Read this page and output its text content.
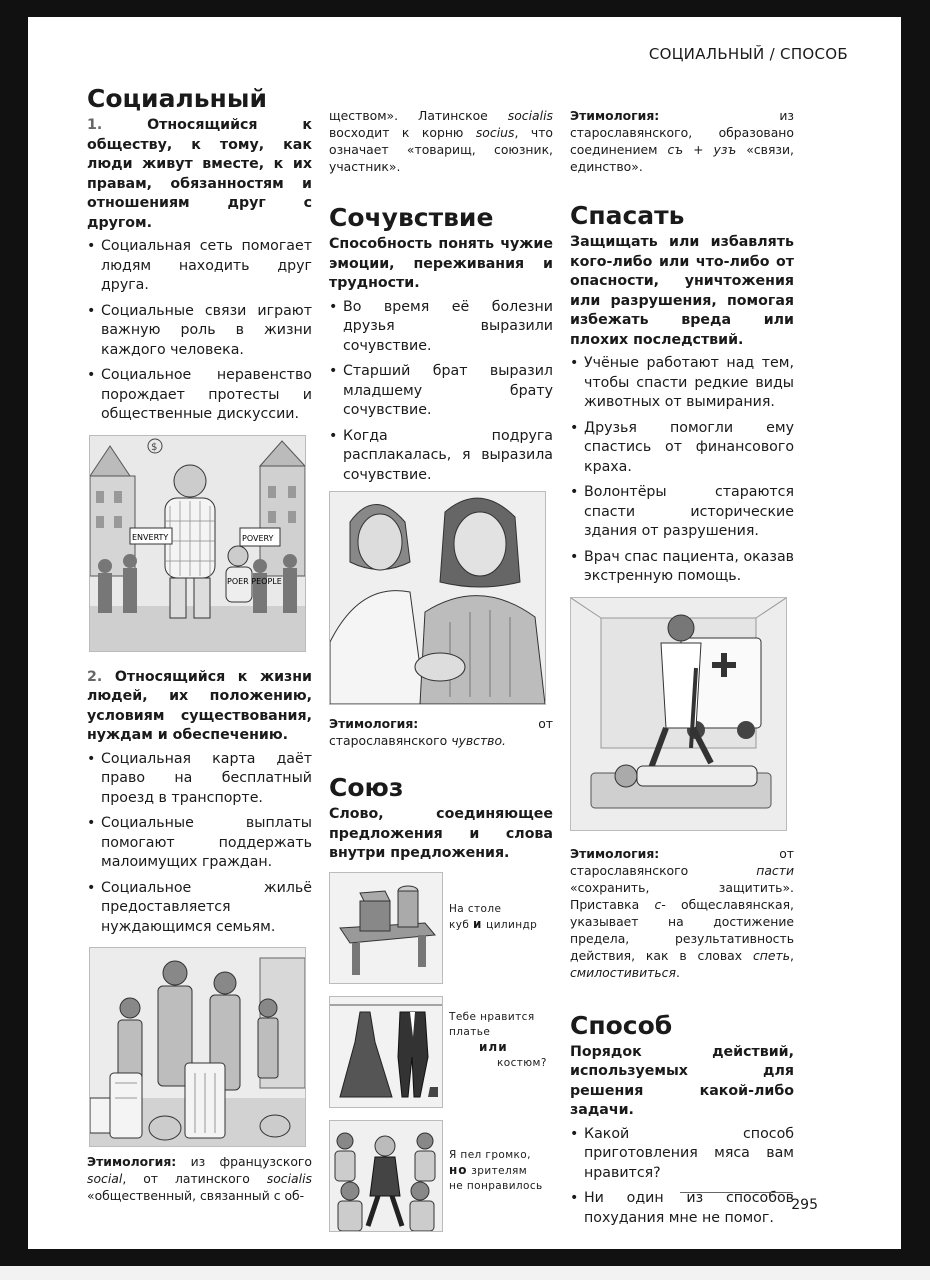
СОЦИАЛЬНЫЙ / СПОСОБ
Социальный
1.	Относящийся к обществу, к тому, как люди живут вместе, к их правам, обязанностям и отношениям друг с другом.
• Социальная сеть помогает людям находить друг друга.
• Социальные связи играют важную роль в жизни каждого человека.
• Социальное неравенство порождает протесты и общественные дискуссии.
$
POVERY
POER PEOPLE
ENVERTY
2. Относящийся к жизни людей, их положению, условиям существования, нуждам и обеспечению.
• Социальная карта даёт право на бесплатный проезд в транспорте.
• Социальные выплаты помогают поддержать малоимущих граждан.
• Социальное жильё предоставляется нуждающимся семьям.
Этимология: из французского social, от латинского socialis «общественный, связанный с об-
ществом». Латинское socialis восходит к корню socius, что означает «товарищ, союзник, участник».
Сочувствие
Способность понять чужие эмоции, переживания и трудности.
• Во время её болезни друзья выразили сочувствие.
• Старший брат выразил младшему брату сочувствие.
• Когда подруга расплакалась, я выразила сочувствие.
Этимология:	от старославянского чувство.
Союз
Слово, соединяющее предложения и слова внутри предложения.
На столе
куб и цилиндр
Тебе нравится
платье
или
костюм?
Я пел громко,
но зрителям
не понравилось
Этимология:	из старославянского, образовано соединением съ + узъ «связи, единство».
Спасать
Защищать или избавлять кого-либо или что-либо от опасности, уничтожения или разрушения, помогая избежать вреда или плохих последствий.
• Учёные работают над тем, чтобы спасти редкие виды животных от вымирания.
• Друзья помогли ему спастись от финансового краха.
• Волонтёры стараются спасти исторические здания от разрушения.
• Врач спас пациента, оказав экстренную помощь.
Этимология:	от старославянского	пасти «сохранить, защитить». Приставка с- общеславянская, указывает на достижение предела, результативность действия, как в словах спеть, смилостивиться.
Способ
Порядок действий, используемых для решения какой-либо задачи.
• Какой способ приготовления мяса вам нравится?
• Ни один из способов похудания мне не помог.
295
